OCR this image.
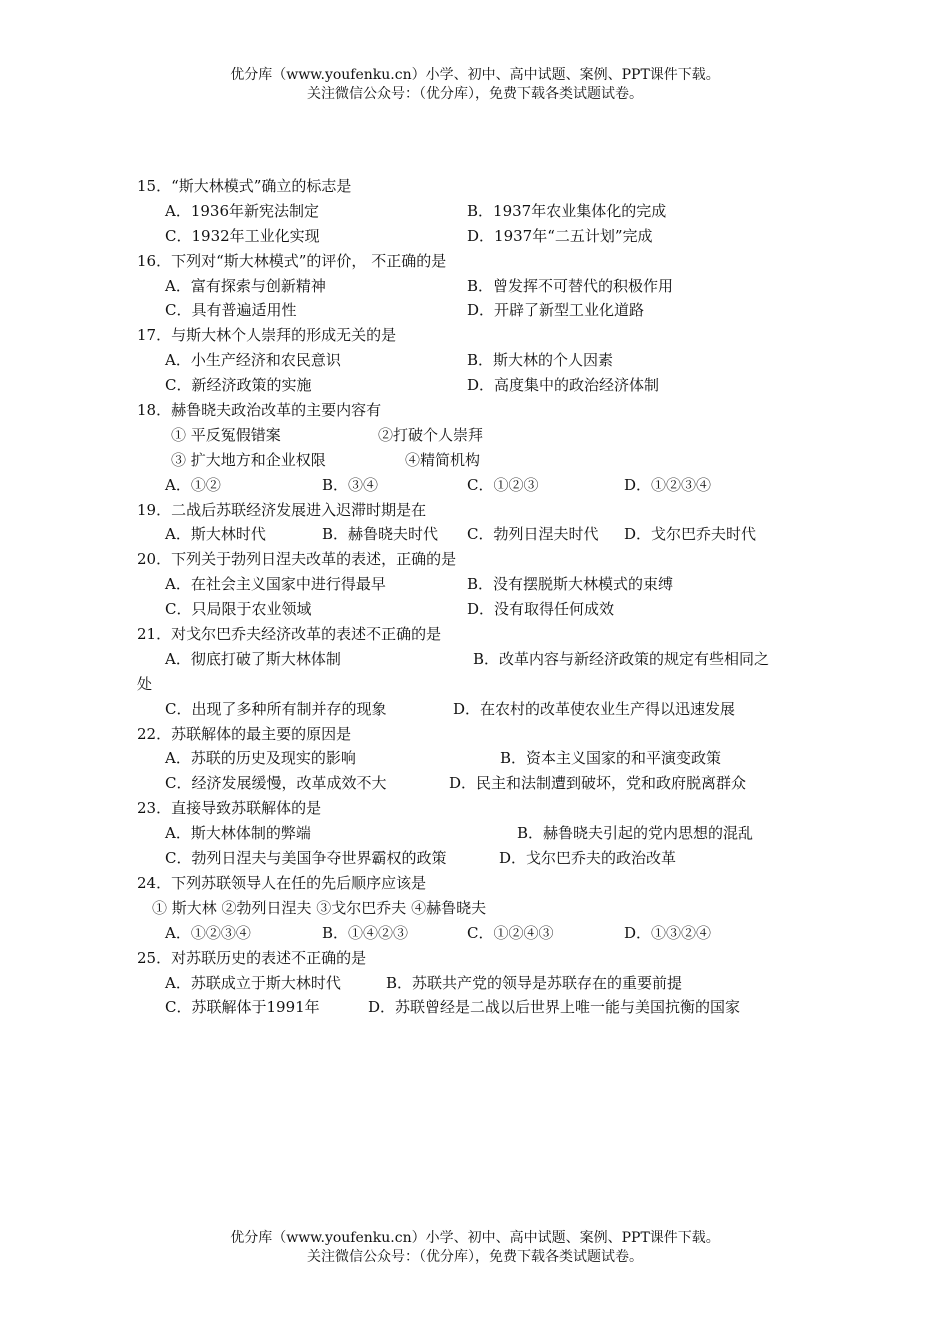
优分库（www.youfenku.cn）小学、初中、高中试题、案例、PPT课件下载。
关注微信公众号：（优分库），免费下载各类试题试卷。
15．“斯大林模式”确立的标志是
A．1936年新宪法制定	B．1937年农业集体化的完成
C．1932年工业化实现	D．1937年“二五计划”完成
16．下列对“斯大林模式”的评价， 不正确的是
A．富有探索与创新精神	B．曾发挥不可替代的积极作用
C．具有普遍适用性	D．开辟了新型工业化道路
17．与斯大林个人崇拜的形成无关的是
A．小生产经济和农民意识	B．斯大林的个人因素
C．新经济政策的实施	D．高度集中的政治经济体制
18．赫鲁晓夫政治改革的主要内容有
① 平反冤假错案	②打破个人崇拜
③ 扩大地方和企业权限	④精简机构
A．①②	B．③④	C．①②③	D．①②③④
19．二战后苏联经济发展进入迟滞时期是在
A．斯大林时代	B．赫鲁晓夫时代 C．勃列日涅夫时代 D．戈尔巴乔夫时代
20．下列关于勃列日涅夫改革的表述，正确的是
A．在社会主义国家中进行得最早	B．没有摆脱斯大林模式的束缚
C．只局限于农业领域	D．没有取得任何成效
21．对戈尔巴乔夫经济改革的表述不正确的是
A．彻底打破了斯大林体制	B．改革内容与新经济政策的规定有些相同之
处
C．出现了多种所有制并存的现象	D．在农村的改革使农业生产得以迅速发展
22．苏联解体的最主要的原因是
A．苏联的历史及现实的影响	B．资本主义国家的和平演变政策
C．经济发展缓慢，改革成效不大	D．民主和法制遭到破坏，党和政府脱离群众
23．直接导致苏联解体的是
A．斯大林体制的弊端	B．赫鲁晓夫引起的党内思想的混乱
C．勃列日涅夫与美国争夺世界霸权的政策	D．戈尔巴乔夫的政治改革
24．下列苏联领导人在任的先后顺序应该是
① 斯大林 ②勃列日涅夫 ③戈尔巴乔夫 ④赫鲁晓夫
A．①②③④	B．①④②③	C．①②④③	D．①③②④
25．对苏联历史的表述不正确的是
A．苏联成立于斯大林时代	B．苏联共产党的领导是苏联存在的重要前提
C．苏联解体于1991年	D．苏联曾经是二战以后世界上唯一能与美国抗衡的国家
优分库（www.youfenku.cn）小学、初中、高中试题、案例、PPT课件下载。
关注微信公众号：（优分库），免费下载各类试题试卷。
